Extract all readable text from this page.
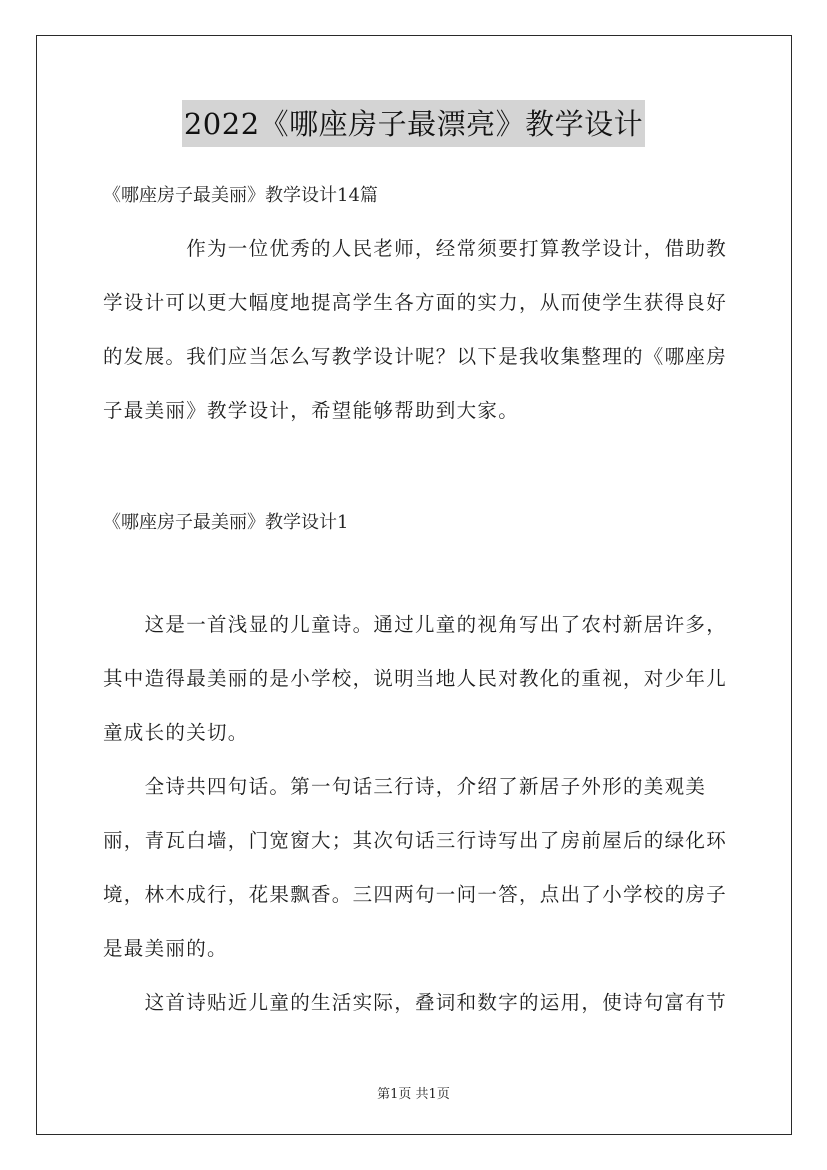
2022《哪座房子最漂亮》教学设计
《哪座房子最美丽》教学设计14篇

　　　　作为一位优秀的人民老师，经常须要打算教学设计，借助教学设计可以更大幅度地提高学生各方面的实力，从而使学生获得良好的发展。我们应当怎么写教学设计呢？以下是我收集整理的《哪座房子最美丽》教学设计，希望能够帮助到大家。

《哪座房子最美丽》教学设计1

　　这是一首浅显的儿童诗。通过儿童的视角写出了农村新居许多，其中造得最美丽的是小学校，说明当地人民对教化的重视，对少年儿童成长的关切。

　　全诗共四句话。第一句话三行诗，介绍了新居子外形的美观美丽，青瓦白墙，门宽窗大；其次句话三行诗写出了房前屋后的绿化环境，林木成行，花果飘香。三四两句一问一答，点出了小学校的房子是最美丽的。

　　这首诗贴近儿童的生活实际，叠词和数字的运用，使诗句富有节

第1页 共1页
